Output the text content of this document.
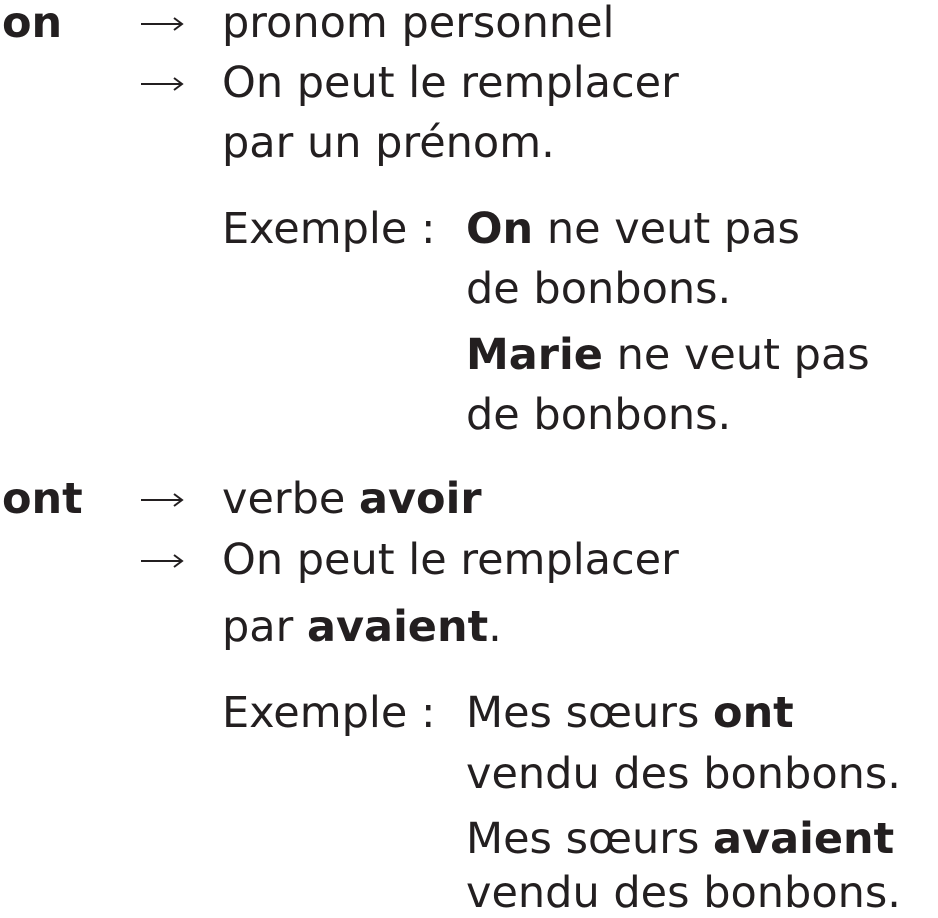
on	pronom personnel
On peut le remplacer
par un prénom.
Exemple : On ne veut pas
de bonbons.
Marie ne veut pas
de bonbons.
ont	verbe avoir
On peut le remplacer
par avaient.
Exemple : Mes sœurs ont
vendu des bonbons.
Mes sœurs avaient
vendu des bonbons.
